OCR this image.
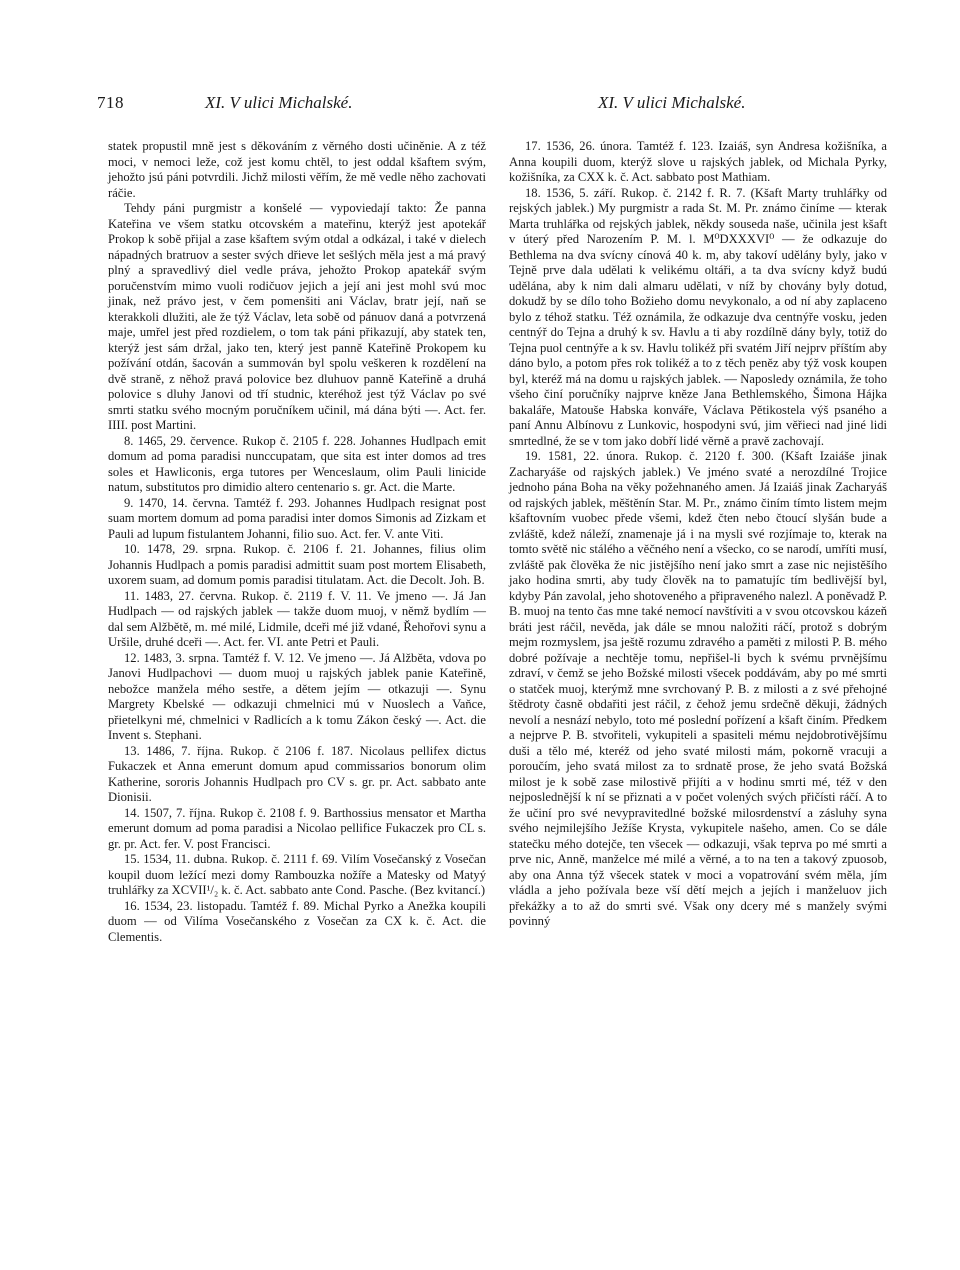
718	XI. V ulici Michalské.	XI. V ulici Michalské.

statek propustil mně jest s děkováním z věrného dosti učiněnie. A z též moci, v nemoci leže, což jest komu chtěl, to jest oddal kšaftem svým, jehožto jsú páni potvrdili. Jichž milosti věřím, že mě vedle něho zachovati ráčie.

Tehdy páni purgmistr a konšelé — vypoviedají takto: Že panna Kateřina ve všem statku otcovském a mateřinu, kterýž jest apotekář Prokop k sobě přijal a zase kšaftem svým otdal a odkázal, i také v dielech nápadných bratruov a sester svých dřieve let sešlých měla jest a má pravý plný a spravedlivý diel vedle práva, jehožto Prokop apatekář svým poručenstvím mimo vuoli rodičuov jejich a její ani jest mohl svú moc jinak, než právo jest, v čem pomenšiti ani Václav, bratr její, naň se kterakkoli dlužiti, ale že týž Václav, leta sobě od pánuov daná a potvrzená maje, umřel jest před rozdielem, o tom tak páni přikazují, aby statek ten, kterýž jest sám držal, jako ten, který jest panně Kateřině Prokopem ku požívání otdán, šacován a summován byl spolu veškeren k rozdělení na dvě straně, z něhož pravá polovice bez dluhuov panně Kateřině a druhá polovice s dluhy Janovi od tří studnic, kteréhož jest týž Václav po své smrti statku svého mocným poručníkem učinil, má dána býti —. Act. fer. IIII. post Martini.

8. 1465, 29. července. Rukop č. 2105 f. 228. Johannes Hudlpach emit domum ad poma paradisi nunccupatam, que sita est inter domos ad tres soles et Hawliconis, erga tutores per Wenceslaum, olim Pauli linicide natum, substitutos pro dimidio altero centenario s. gr. Act. die Marte.

9. 1470, 14. června. Tamtéž f. 293. Johannes Hudlpach resignat post suam mortem domum ad poma paradisi inter domos Simonis ad Zizkam et Pauli ad lupum fistulantem Johanni, filio suo. Act. fer. V. ante Viti.

10. 1478, 29. srpna. Rukop. č. 2106 f. 21. Johannes, filius olim Johannis Hudlpach a pomis paradisi admittit suam post mortem Elisabeth, uxorem suam, ad domum pomis paradisi titulatam. Act. die Decolt. Joh. B.

11. 1483, 27. června. Rukop. č. 2119 f. V. 11. Ve jmeno —. Já Jan Hudlpach — od rajských jablek — takže duom muoj, v němž bydlím — dal sem Alžbětě, m. mé milé, Lidmile, dceři mé již vdané, Řehořovi synu a Uršile, druhé dceři —. Act. fer. VI. ante Petri et Pauli.

12. 1483, 3. srpna. Tamtéž f. V. 12. Ve jmeno —. Já Alžběta, vdova po Janovi Hudlpachovi — duom muoj u rajských jablek panie Kateřině, nebožce manžela mého sestře, a dětem jejím — otkazuji —. Synu Margrety Kbelské — odkazuji chmelnici mú v Nuoslech a Vaňce, přietelkyni mé, chmelnici v Radlicích a k tomu Zákon český —. Act. die Invent s. Stephani.

13. 1486, 7. října. Rukop. č 2106 f. 187. Nicolaus pellifex dictus Fukaczek et Anna emerunt domum apud commissarios bonorum olim Katherine, sororis Johannis Hudlpach pro CV s. gr. pr. Act. sabbato ante Dionisii.

14. 1507, 7. října. Rukop č. 2108 f. 9. Barthossius mensator et Martha emerunt domum ad poma paradisi a Nicolao pellifice Fukaczek pro CL s. gr. pr. Act. fer. V. post Francisci.

15. 1534, 11. dubna. Rukop. č. 2111 f. 69. Vilím Vosečanský z Vosečan koupil duom ležící mezi domy Rambouzka nožíře a Matesky od Matyý truhlářky za XCVII¹/₂ k. č. Act. sabbato ante Cond. Pasche. (Bez kvitancí.)

16. 1534, 23. listopadu. Tamtéž f. 89. Michal Pyrko a Anežka koupili duom — od Vilíma Vosečanského z Vosečan za CX k. č. Act. die Clementis.

17. 1536, 26. února. Tamtéž f. 123. Izaiáš, syn Andresa kožišníka, a Anna koupili duom, kterýž slove u rajských jablek, od Michala Pyrky, kožišníka, za CXX k. č. Act. sabbato post Mathiam.

18. 1536, 5. září. Rukop. č. 2142 f. R. 7. (Kšaft Marty truhlářky od rejských jablek.) My purgmistr a rada St. M. Pr. známo činíme — kterak Marta truhlářka od rejských jablek, někdy souseda naše, učinila jest kšaft v úterý před Narozením P. M. l. M⁰DXXXVI⁰ — že odkazuje do Bethlema na dva svícny cínová 40 k. m, aby takoví udělány byly, jako v Tejně prve dala udělati k velikému oltáři, a ta dva svícny když budú udělána, aby k nim dali almaru udělati, v níž by chovány byly dotud, dokudž by se dílo toho Božieho domu nevykonalo, a od ní aby zaplaceno bylo z téhož statku. Též oznámila, že odkazuje dva centnýře vosku, jeden centnýř do Tejna a druhý k sv. Havlu a ti aby rozdílně dány byly, totiž do Tejna puol centnýře a k sv. Havlu tolikéž při svatém Jiří nejprv příštím aby dáno bylo, a potom přes rok tolikéž a to z těch peněz aby týž vosk koupen byl, kteréž má na domu u rajských jablek. — Naposledy oznámila, že toho všeho činí poručníky najprve kněze Jana Bethlemského, Šimona Hájka bakaláře, Matouše Habska konváře, Václava Pětikostela výš psaného a paní Annu Albínovu z Lunkovic, hospodyni svú, jim věřieci nad jiné lidi smrtedlné, že se v tom jako dobří lidé věrně a pravě zachovají.

19. 1581, 22. února. Rukop. č. 2120 f. 300. (Kšaft Izaiáše jinak Zacharyáše od rajských jablek.) Ve jméno svaté a nerozdílné Trojice jednoho pána Boha na věky požehnaného amen. Já Izaiáš jinak Zacharyáš od rajských jablek, měštěnín Star. M. Pr., známo činím tímto listem mejm kšaftovním vuobec přede všemi, kdež čten nebo čtoucí slyšán bude a zvláště, kdež náleží, znamenaje já i na mysli své rozjímaje to, kterak na tomto světě nic stálého a věčného není a všecko, co se narodí, umříti musí, zvláště pak člověka že nic jistějšího není jako smrt a zase nic nejistěšího jako hodina smrti, aby tudy člověk na to pamatujíc tím bedlivější byl, kdyby Pán zavolal, jeho shotoveného a připraveného nalezl. A poněvadž P. B. muoj na tento čas mne také nemocí navštíviti a v svou otcovskou kázeň bráti jest ráčil, nevěda, jak dále se mnou naložiti ráčí, protož s dobrým mejm rozmyslem, jsa ještě rozumu zdravého a paměti z milosti P. B. mého dobré požívaje a nechtěje tomu, nepřišel-li bych k svému prvnějšímu zdraví, v čemž se jeho Božské milosti všecek poddávám, aby po mé smrti o statček muoj, kterýmž mne svrchovaný P. B. z milosti a z své přehojné štědroty časně obdařiti jest ráčil, z čehož jemu srdečně děkuji, žádných nevolí a nesnází nebylo, toto mé poslední pořízení a kšaft činím. Předkem a nejprve P. B. stvořiteli, vykupiteli a spasiteli mému nejdobrotivějšímu duši a tělo mé, kteréž od jeho svaté milosti mám, pokorně vracuji a poroučím, jeho svatá milost za to srdnatě prose, že jeho svatá Božská milost je k sobě zase milostivě přijíti a v hodinu smrti mé, též v den nejposlednější k ní se přiznati a v počet volených svých přičísti ráčí. A to že učiní pro své nevypravitedlné božské milosrdenství a zásluhy syna svého nejmilejšího Ježíše Krysta, vykupitele našeho, amen. Co se dále statečku mého dotejče, ten všecek — odkazuji, však teprva po mé smrti a prve nic, Anně, manželce mé milé a věrné, a to na ten a takový zpuosob, aby ona Anna týž všecek statek v moci a vopatrování svém měla, jím vládla a jeho požívala beze vší dětí mejch a jejích i manželuov jich překážky a to až do smrti své. Však ony dcery mé s manžely svými povinný
